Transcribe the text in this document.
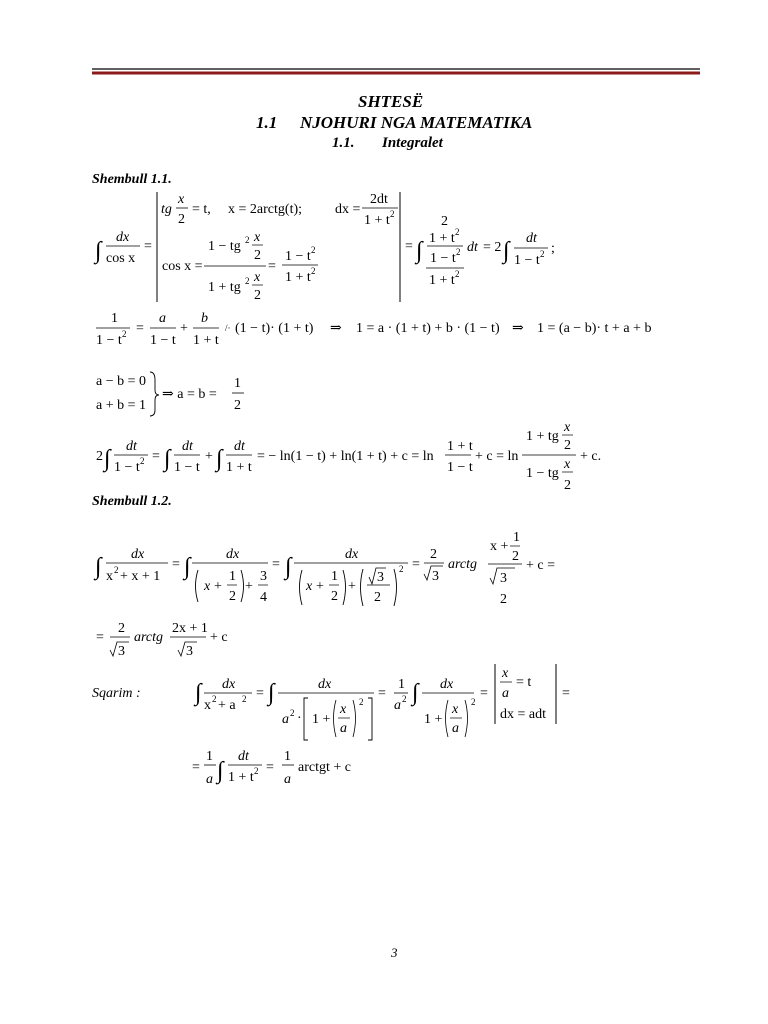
SHTESË
1.1 NJOHURI NGA MATEMATIKA
1.1. Integralet
Shembull 1.1.
Shembull 1.2.
Sqarim :
3
tg
x
2
= t, x = 2arctg(t); dx =
2dt
1 + t 2
∫
dx
cos x
=
cos x =
1 − tg 2 x
2
1 + tg 2 x
2
=
1 − t 2
1 + t 2
= ∫
2
1 + t 2
1 − t 2
1 + t 2
dt = 2 ∫ dt
1 − t 2 ;
1
1 − t 2 =
a
1 − t
+
b
1 + t
/· (1 − t)· (1 + t) ⇒ 1 = a · (1 + t) + b · (1 − t) ⇒ 1 = (a − b)· t + a + b
a − b = 0
a + b = 1
⇒ a = b =
1
2
2 ∫ dt
1 − t 2 = ∫ dt
1 − t
+ ∫ dt
1 + t
= − ln(1 − t) + ln(1 + t) + c = ln
1 + t
1 − t
+ c = ln
1 + tg
x
2
1 − tg
x
2
+ c.
∫ dx
x 2 + x + 1
= ∫	dx
x +
1
2
+
3
4
= ∫	dx
x +
1
2
+
3
2
2 =
2
3
arctg
x +
1
2
3
2
+ c =
=
2
3
arctg
2x + 1
3
+ c
∫ dx
x 2 + a 2 = ∫	dx
a 2 · 1 +
x
a
2
=
1
a 2 ∫ dx
1 +
x
a
2
=
x
a
= t
dx = adt
=
=
1
a ∫
dt
1 + t 2 =
1
a
arctgt + c
